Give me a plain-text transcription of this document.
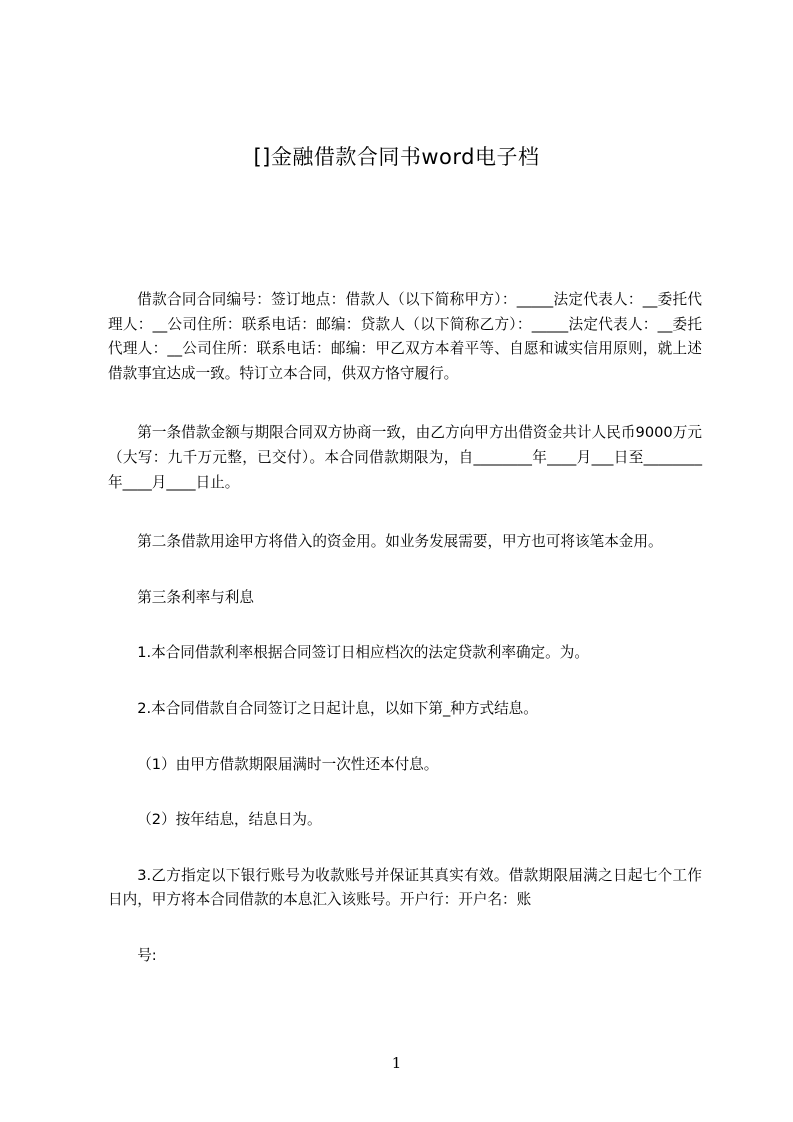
[]金融借款合同书word电子档

借款合同合同编号：签订地点：借款人（以下简称甲方）：_____法定代表人：__委托代理人：__公司住所：联系电话：邮编：贷款人（以下简称乙方）：_____法定代表人：__委托代理人：__公司住所：联系电话：邮编：甲乙双方本着平等、自愿和诚实信用原则，就上述借款事宜达成一致。特订立本合同，供双方恪守履行。

第一条借款金额与期限合同双方协商一致，由乙方向甲方出借资金共计人民币9000万元（大写：九千万元整，已交付）。本合同借款期限为，自________年____月___日至________年____月____日止。

第二条借款用途甲方将借入的资金用。如业务发展需要，甲方也可将该笔本金用。

第三条利率与利息

1.本合同借款利率根据合同签订日相应档次的法定贷款利率确定。为。

2.本合同借款自合同签订之日起计息，以如下第_种方式结息。

（1）由甲方借款期限届满时一次性还本付息。

（2）按年结息，结息日为。

3.乙方指定以下银行账号为收款账号并保证其真实有效。借款期限届满之日起七个工作日内，甲方将本合同借款的本息汇入该账号。开户行：开户名：账

号:

1
